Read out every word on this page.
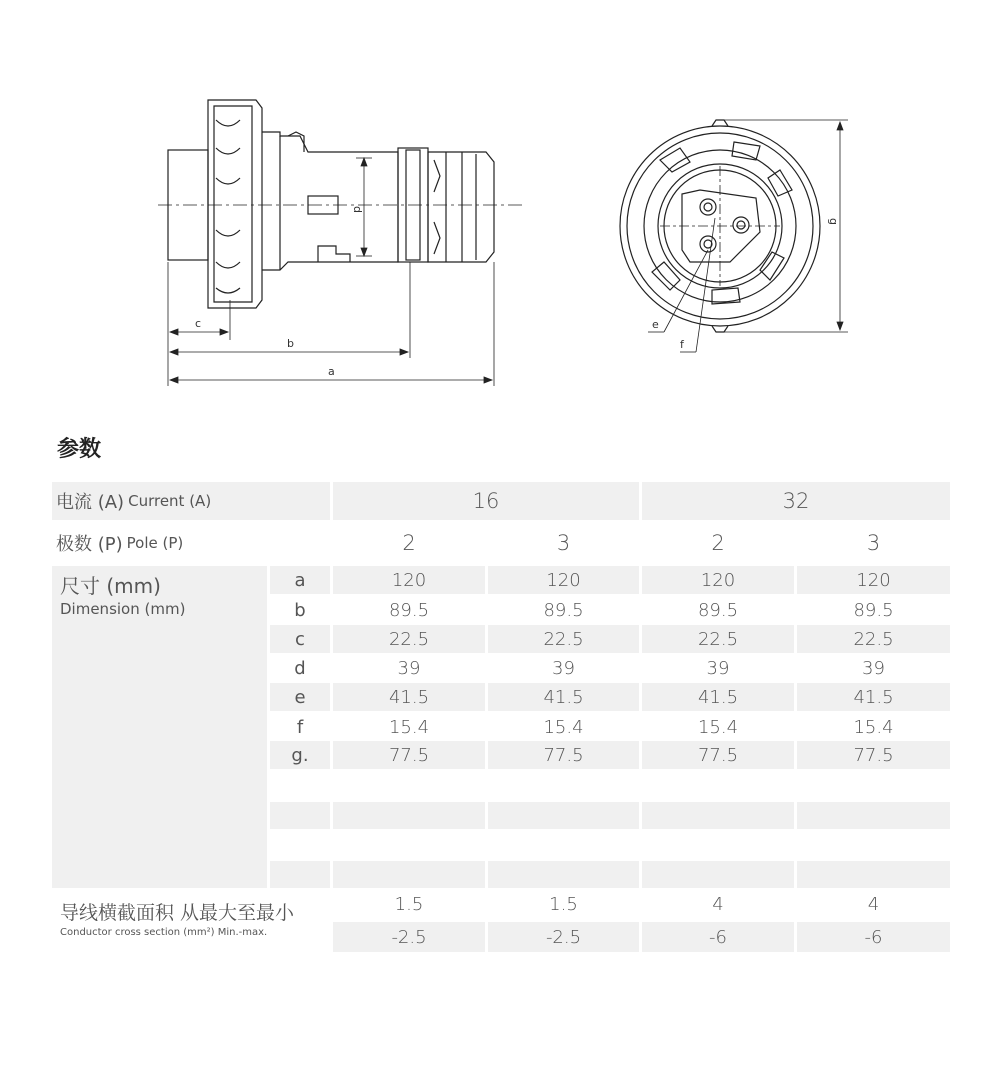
c
b
a
d
e
f
g
参数
电流 (A) Current (A)	16	32
极数 (P) Pole (P)	2	3	2	3
尺寸 (mm)
Dimension (mm)
a	120	120	120	120
b	89.5	89.5	89.5	89.5
c	22.5	22.5	22.5	22.5
d	39	39	39	39
e	41.5	41.5	41.5	41.5
f	15.4	15.4	15.4	15.4
g.	77.5	77.5	77.5	77.5
导线横截面积 从最大至最小
Conductor cross section (mm²) Min.-max.
1.5	1.5	4	4
-2.5	-2.5	-6	-6
